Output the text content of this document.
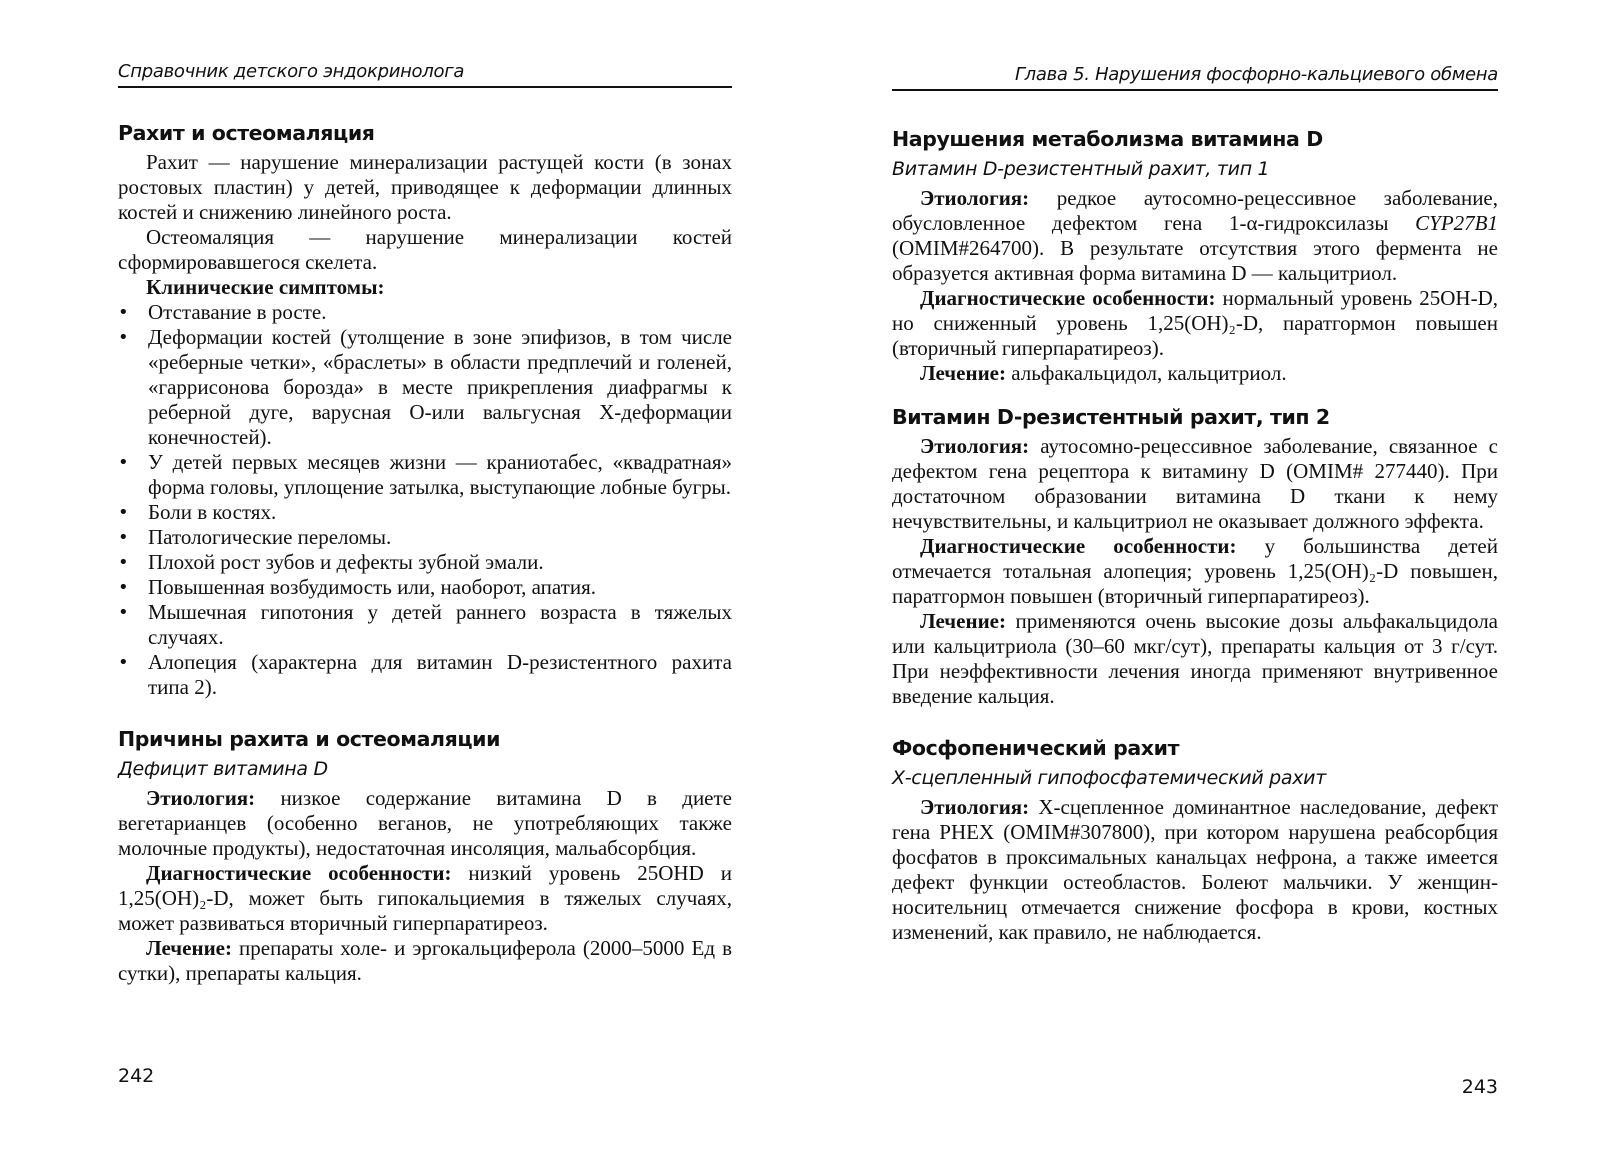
Справочник детского эндокринолога
Рахит и остеомаляция

Рахит — нарушение минерализации растущей кости (в зонах ростовых пластин) у детей, приводящее к деформации длинных костей и снижению линейного роста.

Остеомаляция — нарушение минерализации костей сформировавшегося скелета.

Клинические симптомы:

• Отставание в росте.
• Деформации костей (утолщение в зоне эпифизов, в том числе «реберные четки», «браслеты» в области предплечий и голеней, «гаррисонова борозда» в месте прикрепления диафрагмы к реберной дуге, варусная О-или вальгусная Х-деформации конечностей).
• У детей первых месяцев жизни — краниотабес, «квадратная» форма головы, уплощение затылка, выступающие лобные бугры.
• Боли в костях.
• Патологические переломы.
• Плохой рост зубов и дефекты зубной эмали.
• Повышенная возбудимость или, наоборот, апатия.
• Мышечная гипотония у детей раннего возраста в тяжелых случаях.
• Алопеция (характерна для витамин D-резистентного рахита типа 2).
Причины рахита и остеомаляции
Дефицит витамина D

Этиология: низкое содержание витамина D в диете вегетарианцев (особенно веганов, не употребляющих также молочные продукты), недостаточная инсоляция, мальабсорбция.

Диагностические особенности: низкий уровень 25OHD и 1,25(OH)₂-D, может быть гипокальциемия в тяжелых случаях, может развиваться вторичный гиперпаратиреоз.

Лечение: препараты холе- и эргокальциферола (2000–5000 Ед в сутки), препараты кальция.

242
Глава 5. Нарушения фосфорно-кальциевого обмена
Нарушения метаболизма витамина D
Витамин D-резистентный рахит, тип 1

Этиология: редкое аутосомно-рецессивное заболевание, обусловленное дефектом гена 1-α-гидроксилазы CYP27B1 (OMIM#264700). В результате отсутствия этого фермента не образуется активная форма витамина D — кальцитриол.

Диагностические особенности: нормальный уровень 25OH-D, но сниженный уровень 1,25(OH)₂-D, паратгормон повышен (вторичный гиперпаратиреоз).

Лечение: альфакальцидол, кальцитриол.

Витамин D-резистентный рахит, тип 2

Этиология: аутосомно-рецессивное заболевание, связанное с дефектом гена рецептора к витамину D (OMIM# 277440). При достаточном образовании витамина D ткани к нему нечувствительны, и кальцитриол не оказывает должного эффекта.

Диагностические особенности: у большинства детей отмечается тотальная алопеция; уровень 1,25(OH)₂-D повышен, паратгормон повышен (вторичный гиперпаратиреоз).

Лечение: применяются очень высокие дозы альфакальцидола или кальцитриола (30–60 мкг/сут), препараты кальция от 3 г/сут. При неэффективности лечения иногда применяют внутривенное введение кальция.

Фосфопенический рахит
Х-сцепленный гипофосфатемический рахит

Этиология: Х-сцепленное доминантное наследование, дефект гена PHEX (OMIM#307800), при котором нарушена реабсорбция фосфатов в проксимальных канальцах нефрона, а также имеется дефект функции остеобластов. Болеют мальчики. У женщин-носительниц отмечается снижение фосфора в крови, костных изменений, как правило, не наблюдается.

243
